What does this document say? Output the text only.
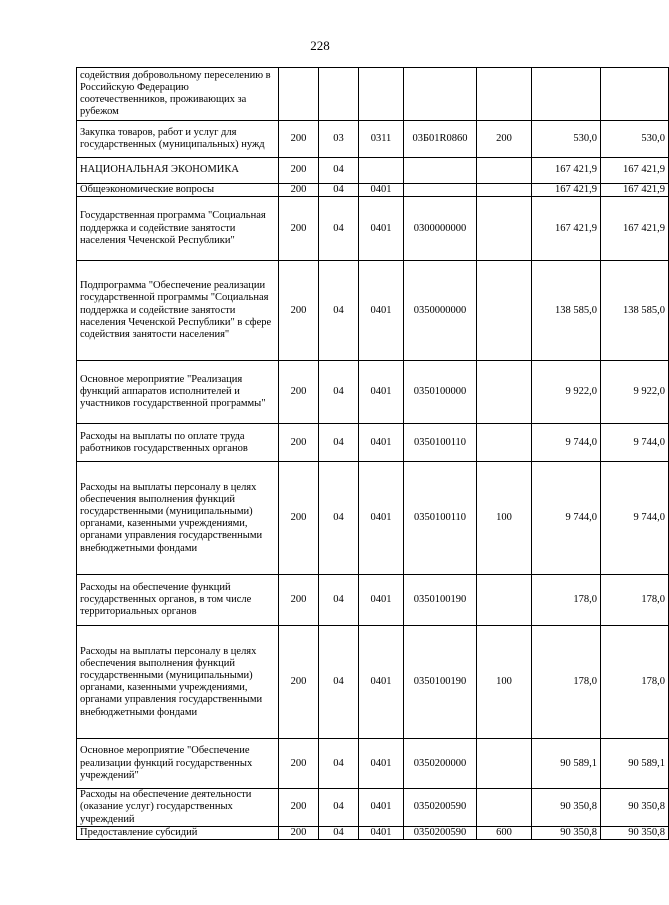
228
содействия добровольному переселению в Российскую Федерацию соотечественников, проживающих за рубежом							
Закупка товаров, работ и услуг для государственных (муниципальных) нужд	200	03	0311	03Б01R0860	200	530,0	530,0
НАЦИОНАЛЬНАЯ ЭКОНОМИКА	200	04				167 421,9	167 421,9
Общеэкономические вопросы	200	04	0401			167 421,9	167 421,9
Государственная программа "Социальная поддержка и содействие занятости населения Чеченской Республики"	200	04	0401	0300000000		167 421,9	167 421,9
Подпрограмма "Обеспечение реализации государственной программы "Социальная поддержка и содействие занятости населения Чеченской Республики" в сфере содействия занятости населения"	200	04	0401	0350000000		138 585,0	138 585,0
Основное мероприятие "Реализация функций аппаратов исполнителей и участников государственной программы"	200	04	0401	0350100000		9 922,0	9 922,0
Расходы на выплаты по оплате труда работников государственных органов	200	04	0401	0350100110		9 744,0	9 744,0
Расходы на выплаты персоналу в целях обеспечения выполнения функций государственными (муниципальными) органами, казенными учреждениями, органами управления государственными внебюджетными фондами	200	04	0401	0350100110	100	9 744,0	9 744,0
Расходы на обеспечение функций государственных органов, в том числе территориальных органов	200	04	0401	0350100190		178,0	178,0
Расходы на выплаты персоналу в целях обеспечения выполнения функций государственными (муниципальными) органами, казенными учреждениями, органами управления государственными внебюджетными фондами	200	04	0401	0350100190	100	178,0	178,0
Основное мероприятие "Обеспечение реализации функций государственных учреждений"	200	04	0401	0350200000		90 589,1	90 589,1
Расходы на обеспечение деятельности (оказание услуг) государственных учреждений	200	04	0401	0350200590		90 350,8	90 350,8
Предоставление субсидий	200	04	0401	0350200590	600	90 350,8	90 350,8
